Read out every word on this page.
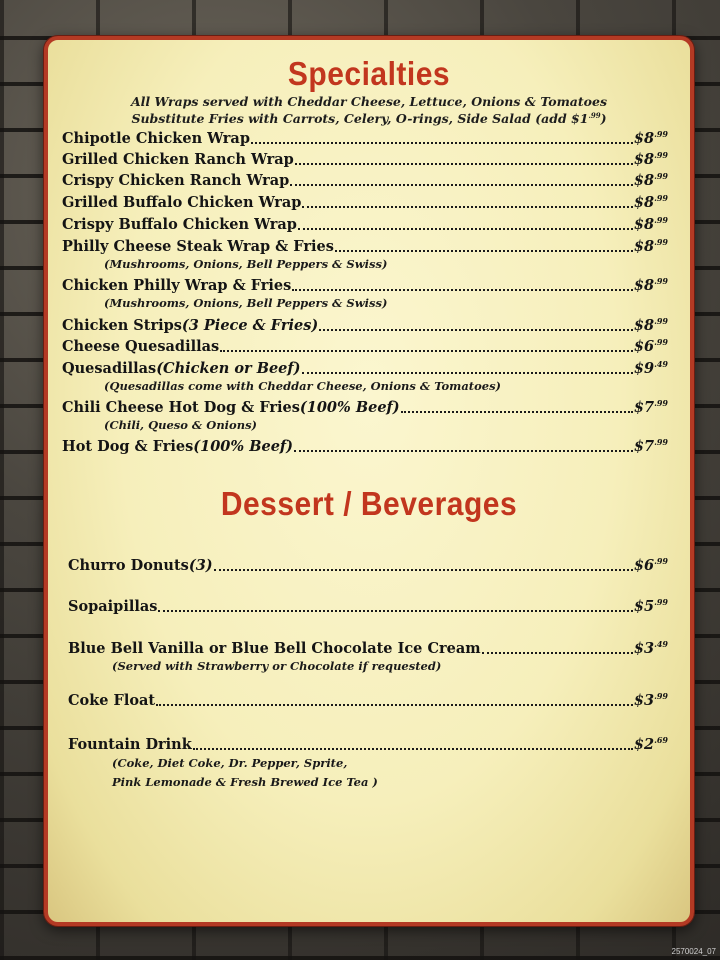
Specialties
All Wraps served with Cheddar Cheese, Lettuce, Onions & Tomatoes
Substitute Fries with Carrots, Celery, O-rings, Side Salad (add $\$1^{.99}$)
Chipotle Chicken Wrap	$\$8^{.99}$
Grilled Chicken Ranch Wrap	$\$8^{.99}$
Crispy Chicken Ranch Wrap	$\$8^{.99}$
Grilled Buffalo Chicken Wrap	$\$8^{.99}$
Crispy Buffalo Chicken Wrap	$\$8^{.99}$
Philly Cheese Steak Wrap & Fries	$\$8^{.99}$
(Mushrooms, Onions, Bell Peppers & Swiss)
Chicken Philly Wrap & Fries	$\$8^{.99}$
(Mushrooms, Onions, Bell Peppers & Swiss)
Chicken Strips (3 Piece & Fries)	$\$8^{.99}$
Cheese Quesadillas	$\$6^{.99}$
Quesadillas (Chicken or Beef)	$\$9^{.49}$
(Quesadillas come with Cheddar Cheese, Onions & Tomatoes)
Chili Cheese Hot Dog & Fries (100% Beef)	$\$7^{.99}$
(Chili, Queso & Onions)
Hot Dog & Fries (100% Beef)	$\$7^{.99}$
Dessert / Beverages
Churro Donuts (3)	$\$6^{.99}$
Sopaipillas	$\$5^{.99}$
Blue Bell Vanilla or Blue Bell Chocolate Ice Cream	$\$3^{.49}$
(Served with Strawberry or Chocolate if requested)
Coke Float	$\$3^{.99}$
Fountain Drink	$\$2^{.69}$
(Coke, Diet Coke, Dr. Pepper, Sprite,
Pink Lemonade & Fresh Brewed Ice Tea )
2570024_07
